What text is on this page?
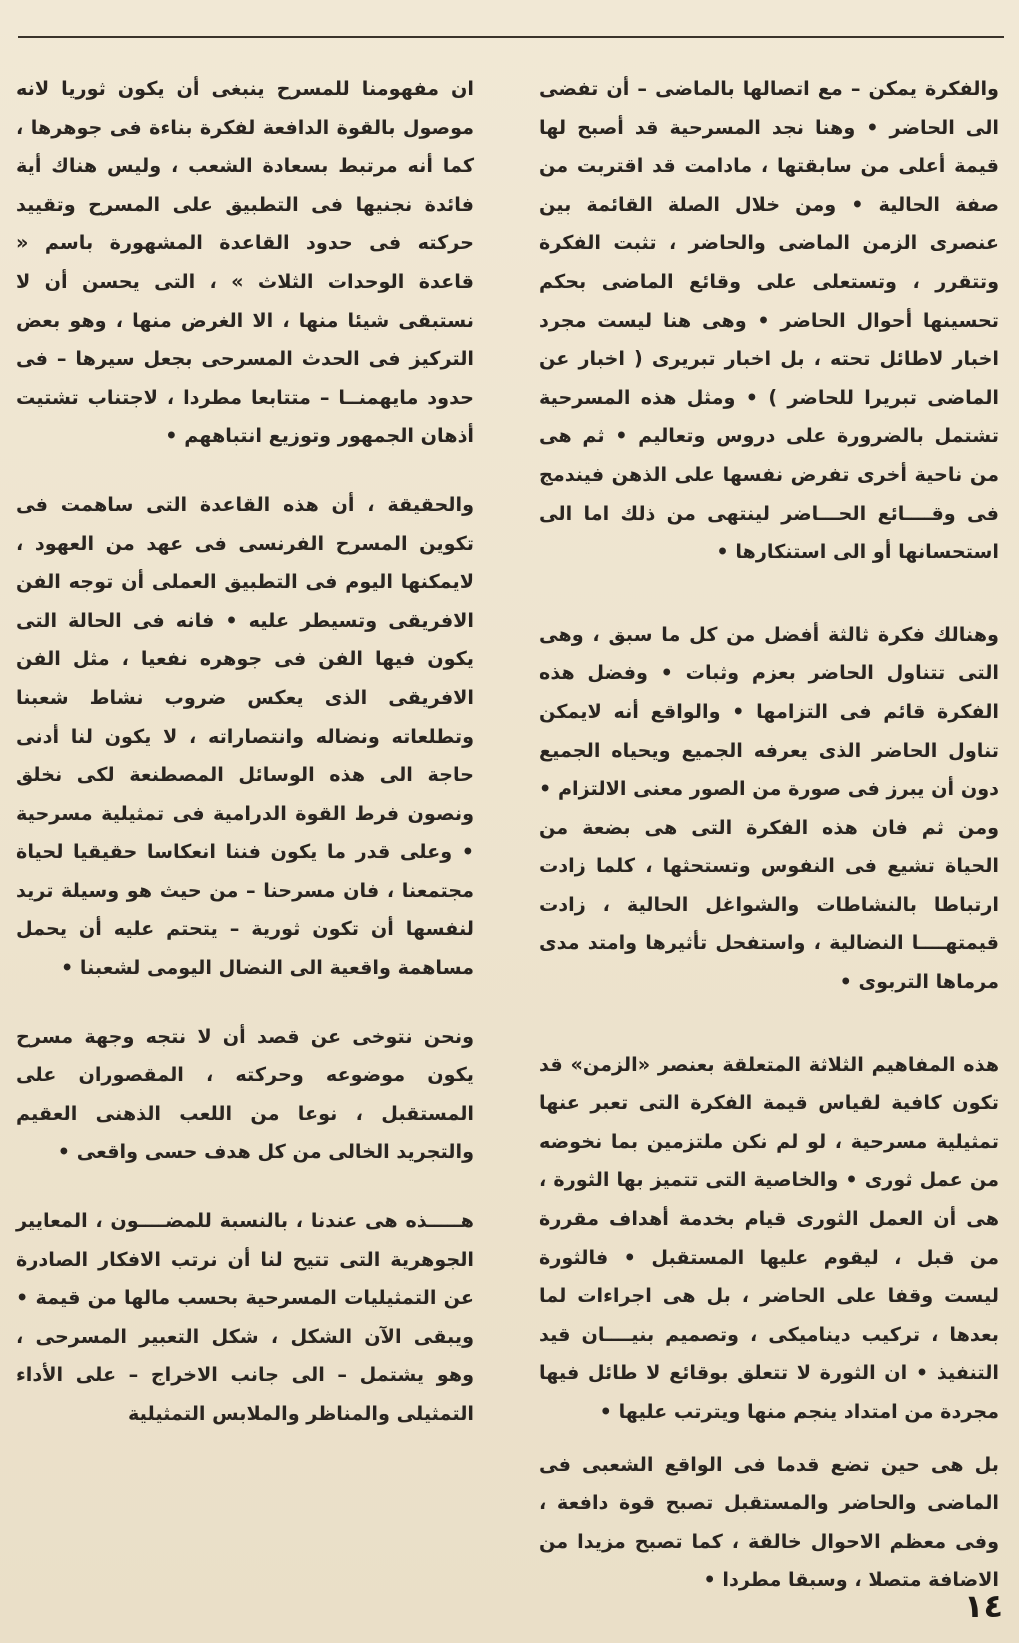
والفكرة يمكن – مع اتصالها بالماضى – أن تفضى الى الحاضر • وهنا نجد المسرحية قد أصبح لها قيمة أعلى من سابقتها ، مادامت قد اقتربت من صفة الحالية • ومن خلال الصلة القائمة بين عنصرى الزمن الماضى والحاضر ، تثبت الفكرة وتتقرر ، وتستعلى على وقائع الماضى بحكم تحسينها أحوال الحاضر • وهى هنا ليست مجرد اخبار لاطائل تحته ، بل اخبار تبريرى ( اخبار عن الماضى تبريرا للحاضر ) • ومثل هذه المسرحية تشتمل بالضرورة على دروس وتعاليم • ثم هى من ناحية أخرى تفرض نفسها على الذهن فيندمج فى وقــــائع الحـــاضر لينتهى من ذلك اما الى استحسانها أو الى استنكارها •

وهنالك فكرة ثالثة أفضل من كل ما سبق ، وهى التى تتناول الحاضر بعزم وثبات • وفضل هذه الفكرة قائم فى التزامها • والواقع أنه لايمكن تناول الحاضر الذى يعرفه الجميع ويحياه الجميع دون أن يبرز فى صورة من الصور معنى الالتزام • ومن ثم فان هذه الفكرة التى هى بضعة من الحياة تشيع فى النفوس وتستحثها ، كلما زادت ارتباطا بالنشاطات والشواغل الحالية ، زادت قيمتهــــا النضالية ، واستفحل تأثيرها وامتد مدى مرماها التربوى •

هذه المفاهيم الثلاثة المتعلقة بعنصر «الزمن» قد تكون كافية لقياس قيمة الفكرة التى تعبر عنها تمثيلية مسرحية ، لو لم نكن ملتزمين بما نخوضه من عمل ثورى • والخاصية التى تتميز بها الثورة ، هى أن العمل الثورى قيام بخدمة أهداف مقررة من قبل ، ليقوم عليها المستقبل • فالثورة ليست وقفا على الحاضر ، بل هى اجراءات لما بعدها ، تركيب ديناميكى ، وتصميم بنيــــان قيد التنفيذ • ان الثورة لا تتعلق بوقائع لا طائل فيها مجردة من امتداد ينجم منها ويترتب عليها •

بل هى حين تضع قدما فى الواقع الشعبى فى الماضى والحاضر والمستقبل تصبح قوة دافعة ، وفى معظم الاحوال خالقة ، كما تصبح مزيدا من الاضافة متصلا ، وسبقا مطردا •

ان مفهومنا للمسرح ينبغى أن يكون ثوريا لانه موصول بالقوة الدافعة لفكرة بناءة فى جوهرها ، كما أنه مرتبط بسعادة الشعب ، وليس هناك أية فائدة نجنيها فى التطبيق على المسرح وتقييد حركته فى حدود القاعدة المشهورة باسم « قاعدة الوحدات الثلاث » ، التى يحسن أن لا نستبقى شيئا منها ، الا الغرض منها ، وهو بعض التركيز فى الحدث المسرحى بجعل سيرها – فى حدود مايهمنــا – متتابعا مطردا ، لاجتناب تشتيت أذهان الجمهور وتوزيع انتباههم •

والحقيقة ، أن هذه القاعدة التى ساهمت فى تكوين المسرح الفرنسى فى عهد من العهود ، لايمكنها اليوم فى التطبيق العملى أن توجه الفن الافريقى وتسيطر عليه • فانه فى الحالة التى يكون فيها الفن فى جوهره نفعيا ، مثل الفن الافريقى الذى يعكس ضروب نشاط شعبنا وتطلعاته ونضاله وانتصاراته ، لا يكون لنا أدنى حاجة الى هذه الوسائل المصطنعة لكى نخلق ونصون فرط القوة الدرامية فى تمثيلية مسرحية • وعلى قدر ما يكون فننا انعكاسا حقيقيا لحياة مجتمعنا ، فان مسرحنا – من حيث هو وسيلة تريد لنفسها أن تكون ثورية – يتحتم عليه أن يحمل مساهمة واقعية الى النضال اليومى لشعبنا •

ونحن نتوخى عن قصد أن لا نتجه وجهة مسرح يكون موضوعه وحركته ، المقصوران على المستقبل ، نوعا من اللعب الذهنى العقيم والتجريد الخالى من كل هدف حسى واقعى •

هـــــذه هى عندنا ، بالنسبة للمضــــون ، المعايير الجوهرية التى تتيح لنا أن نرتب الافكار الصادرة عن التمثيليات المسرحية بحسب مالها من قيمة • ويبقى الآن الشكل ، شكل التعبير المسرحى ، وهو يشتمل – الى جانب الاخراج – على الأداء التمثيلى والمناظر والملابس التمثيلية

١٤
